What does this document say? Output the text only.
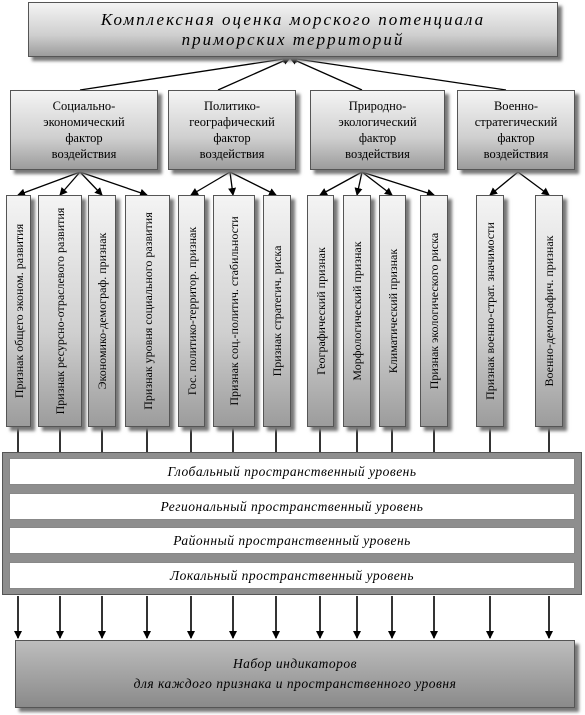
Комплексная оценка морского потенциала
приморских территорий
Социально-
экономический
фактор
воздействия
Политико-
географический
фактор
воздействия
Природно-
экологический
фактор
воздействия
Военно-
стратегический
фактор
воздействия
Признак общего эконом. развития Признак ресурсно-отраслевого развития Экономико-демограф. признак	Признак уровня социального развития	Гос. политико-территор. признак Признак соц.-политич. стабильности Признак стратегич. риска Географический признак Морфологический признак Климатический признак Признак экологического риска	Признак военно-страт. значимости	Военно-демографич. признак
Глобальный пространственный уровень
Региональный пространственный уровень
Районный пространственный уровень
Локальный пространственный уровень
Набор индикаторов
для каждого признака и пространственного уровня
